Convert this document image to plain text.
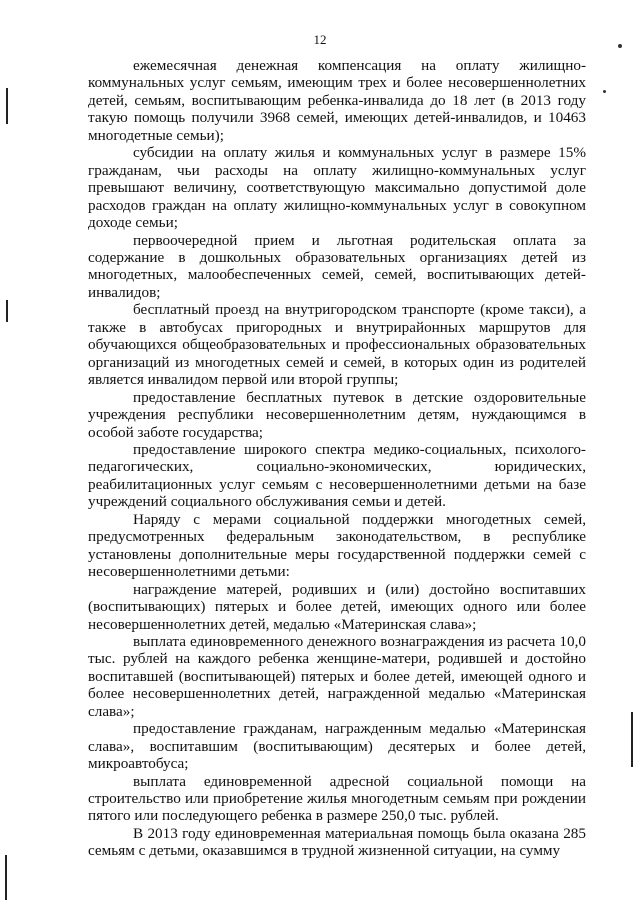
12

ежемесячная денежная компенсация на оплату жилищно-коммунальных услуг семьям, имеющим трех и более несовершеннолетних детей, семьям, воспитывающим ребенка-инвалида до 18 лет (в 2013 году такую помощь получили 3968 семей, имеющих детей-инвалидов, и 10463 многодетные семьи);

субсидии на оплату жилья и коммунальных услуг в размере 15% гражданам, чьи расходы на оплату жилищно-коммунальных услуг превышают величину, соответствующую максимально допустимой доле расходов граждан на оплату жилищно-коммунальных услуг в совокупном доходе семьи;

первоочередной прием и льготная родительская оплата за содержание в дошкольных образовательных организациях детей из многодетных, малообеспеченных семей, семей, воспитывающих детей-инвалидов;

бесплатный проезд на внутригородском транспорте (кроме такси), а также в автобусах пригородных и внутрирайонных маршрутов для обучающихся общеобразовательных и профессиональных образовательных организаций из многодетных семей и семей, в которых один из родителей является инвалидом первой или второй группы;

предоставление бесплатных путевок в детские оздоровительные учреждения республики несовершеннолетним детям, нуждающимся в особой заботе государства;

предоставление широкого спектра медико-социальных, психолого-педагогических, социально-экономических, юридических, реабилитационных услуг семьям с несовершеннолетними детьми на базе учреждений социального обслуживания семьи и детей.

Наряду с мерами социальной поддержки многодетных семей, предусмотренных федеральным законодательством, в республике установлены дополнительные меры государственной поддержки семей с несовершеннолетними детьми:

награждение матерей, родивших и (или) достойно воспитавших (воспитывающих) пятерых и более детей, имеющих одного или более несовершеннолетних детей, медалью «Материнская слава»;

выплата единовременного денежного вознаграждения из расчета 10,0 тыс. рублей на каждого ребенка женщине-матери, родившей и достойно воспитавшей (воспитывающей) пятерых и более детей, имеющей одного и более несовершеннолетних детей, награжденной медалью «Материнская слава»;

предоставление гражданам, награжденным медалью «Материнская слава», воспитавшим (воспитывающим) десятерых и более детей, микроавтобуса;

выплата единовременной адресной социальной помощи на строительство или приобретение жилья многодетным семьям при рождении пятого или последующего ребенка в размере 250,0 тыс. рублей.

В 2013 году единовременная материальная помощь была оказана 285 семьям с детьми, оказавшимся в трудной жизненной ситуации, на сумму
